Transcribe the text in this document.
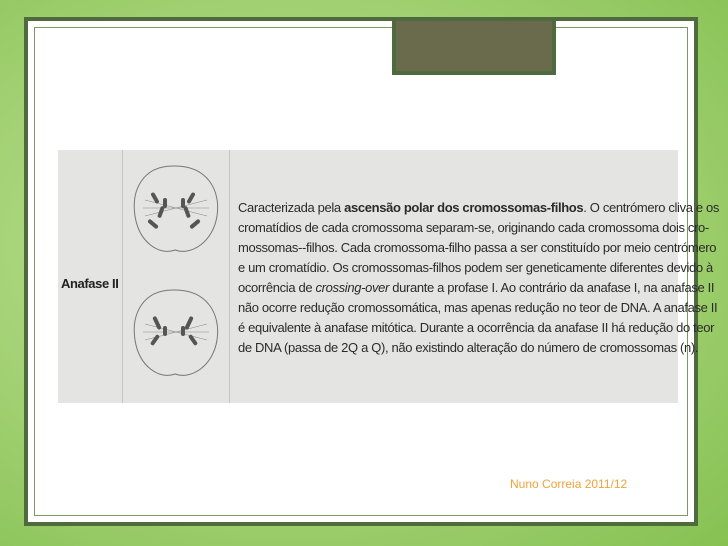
Anafase II
Caracterizada pela ascensão polar dos cromossomas-filhos. O centrómero cliva e os
cromatídios de cada cromossoma separam-se, originando cada cromossoma dois cro-
mossomas--filhos. Cada cromossoma-filho passa a ser constituído por meio centrómero
e um cromatídio. Os cromossomas-filhos podem ser geneticamente diferentes devido à
ocorrência de crossing-over durante a profase I. Ao contrário da anafase I, na anafase II
não ocorre redução cromossomática, mas apenas redução no teor de DNA. A anafase II
é equivalente à anafase mitótica. Durante a ocorrência da anafase II há redução do teor
de DNA (passa de 2Q a Q), não existindo alteração do número de cromossomas (n).
Nuno Correia 2011/12
